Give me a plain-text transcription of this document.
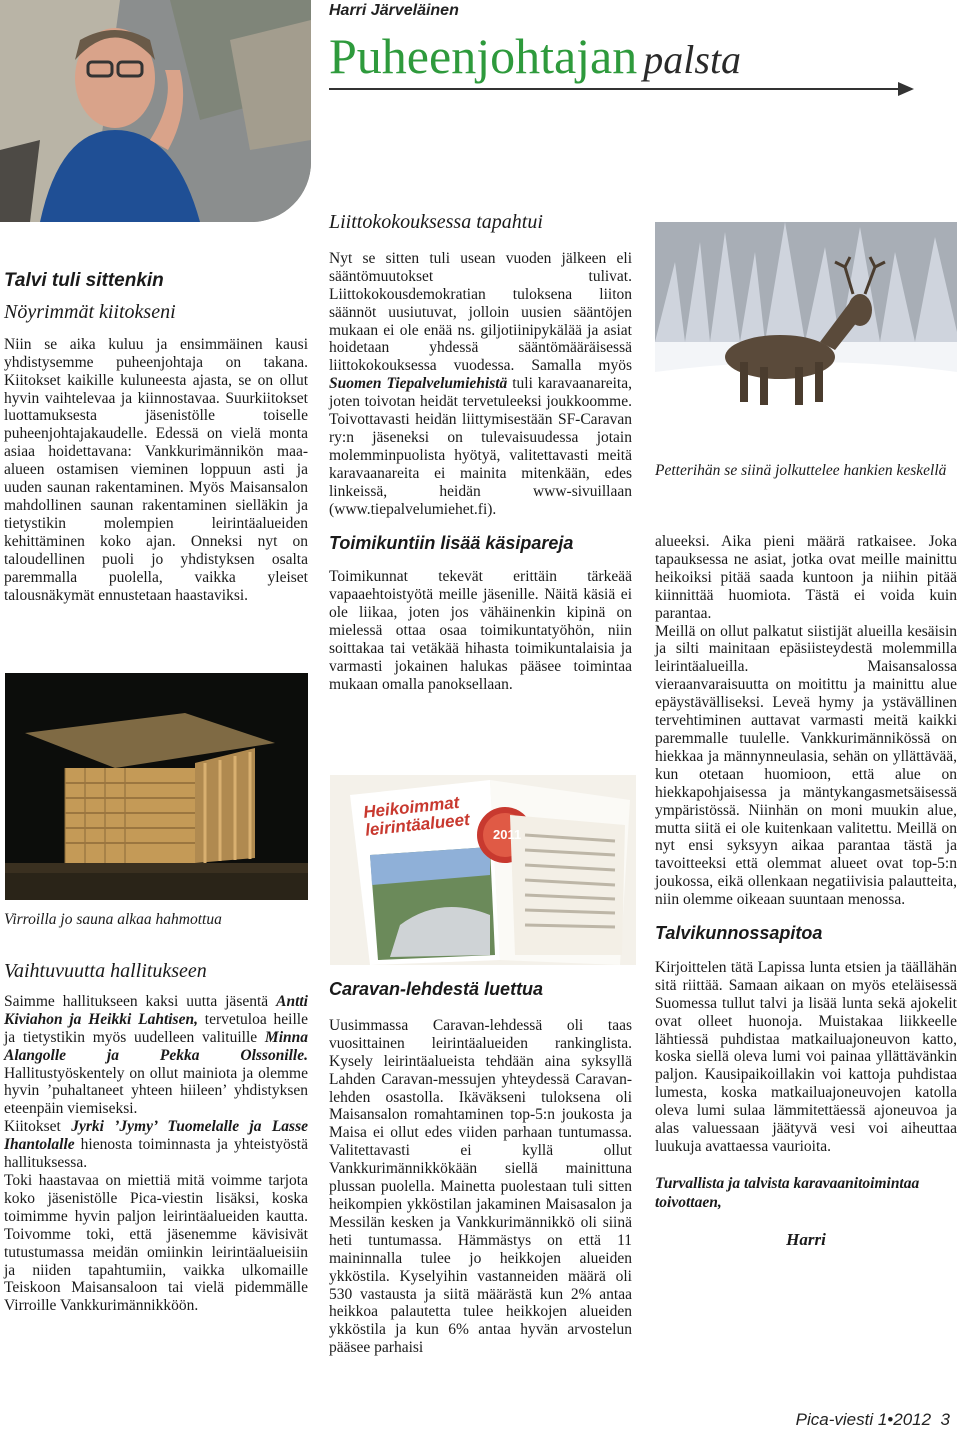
Harri Järveläinen
Puheenjohtajan palsta
Heikoimmat leirintäalueet	2011

Talvi tuli sittenkin

Nöyrimmät kiitokseni

Niin se aika kuluu ja ensimmäinen kausi yhdistysemme puheenjohtaja on takana. Kiitokset kaikille kuluneesta ajasta, se on ollut hyvin vaihtelevaa ja kiinnostavaa. Suurkiitokset luottamuksesta jäsenistölle toiselle puheenjohtajakaudelle. Edessä on vielä monta asiaa hoidettavana: Vankkurimännikön maa-alueen ostamisen vieminen loppuun asti ja uuden saunan rakentaminen. Myös Maisansalon mahdollinen saunan rakentaminen sielläkin ja tietystikin molempien leirintäalueiden kehittäminen koko ajan. Onneksi nyt on taloudellinen puoli jo yhdistyksen osalta paremmalla puolella, vaikka yleiset talousnäkymät ennustetaan haastaviksi.

Virroilla jo sauna alkaa hahmottua

Vaihtuvuutta hallitukseen

Saimme hallitukseen kaksi uutta jäsentä Antti Kiviahon ja Heikki Lahtisen, tervetuloa heille ja tietystikin myös uudelleen valituille Minna Alangolle ja Pekka Olssonille. Hallitustyöskentely on ollut mainiota ja olemme hyvin ’puhaltaneet yhteen hiileen’ yhdistyksen eteenpäin viemiseksi.

Kiitokset Jyrki ’Jymy’ Tuomelalle ja Lasse Ihantolalle hienosta toiminnasta ja yhteistyöstä hallituksessa.

Toki haastavaa on miettiä mitä voimme tarjota koko jäsenistölle Pica-viestin lisäksi, koska toimimme hyvin paljon leirintäalueiden kautta. Toivomme toki, että jäsenemme kävisivät tutustumassa meidän omiinkin leirintäalueisiin ja niiden tapahtumiin, vaikka ulkomaille Teiskoon Maisansaloon tai vielä pidemmälle Virroille Vankkurimännikköön.

Liittokokouksessa tapahtui

Nyt se sitten tuli usean vuoden jälkeen eli sääntömuutokset tulivat. Liittokokousdemokratian tuloksena liiton säännöt uusiutuvat, jolloin uusien sääntöjen mukaan ei ole enää ns. giljotiinipykälää ja asiat hoidetaan yhdessä sääntömääräisessä liittokokouksessa vuodessa. Samalla myös Suomen Tiepalvelumiehistä tuli karavaanareita, joten toivotan heidät tervetuleeksi joukkoomme. Toivottavasti heidän liittymisestään SF-Caravan ry:n jäseneksi on tulevaisuudessa jotain molemminpuolista hyötyä, valitettavasti meitä karavaanareita ei mainita mitenkään, edes linkeissä, heidän www-sivuillaan (www.tiepalvelumiehet.fi).

Toimikuntiin lisää käsipareja

Toimikunnat tekevät erittäin tärkeää vapaaehtoistyötä meille jäsenille. Näitä käsiä ei ole liikaa, joten jos vähäinenkin kipinä on mielessä ottaa osaa toimikuntatyöhön, niin soittakaa tai vetäkää hihasta toimikuntalaisia ja varmasti jokainen halukas pääsee toimintaa mukaan omalla panoksellaan.

Caravan-lehdestä luettua

Uusimmassa Caravan-lehdessä oli taas vuosittainen leirintäalueiden rankinglista. Kysely leirintäalueista tehdään aina syksyllä Lahden Caravan-messujen yhteydessä Caravan-lehden osastolla. Ikäväkseni tuloksena oli Maisansalon romahtaminen top-5:n joukosta ja Maisa ei ollut edes viiden parhaan tuntumassa. Valitettavasti ei kyllä ollut Vankkurimännikkökään siellä mainittuna plussan puolella. Mainetta puolestaan tuli sitten heikompien ykköstilan jakaminen Maisasalon ja Messilän kesken ja Vankkurimännikkö oli siinä heti tuntumassa. Hämmästys on että 11 maininnalla tulee jo heikkojen alueiden ykköstila. Kyselyihin vastanneiden määrä oli 530 vastausta ja siitä määrästä kun 2% antaa heikkoa palautetta tulee heikkojen alueiden ykköstila ja kun 6% antaa hyvän arvostelun pääsee parhaisi

Petterihän se siinä jolkuttelee hankien keskellä

alueeksi. Aika pieni määrä ratkaisee. Joka tapauksessa ne asiat, jotka ovat meille mainittu heikoiksi pitää saada kuntoon ja niihin pitää kiinnittää huomiota. Tästä ei voida kuin parantaa.

Meillä on ollut palkatut siistijät alueilla kesäisin ja silti mainitaan epäsiisteydestä molemmilla leirintäalueilla. Maisansalossa vieraanvaraisuutta on moitittu ja mainittu alue epäystävälliseksi. Leveä hymy ja ystävällinen tervehtiminen auttavat varmasti meitä kaikki paremmalle tuulelle. Vankkurimännikössä on hiekkaa ja männynneulasia, sehän on yllättävää, kun otetaan huomioon, että alue on hiekkapohjaisessa ja mäntykangasmetsäisessä ympäristössä. Niinhän on moni muukin alue, mutta siitä ei ole kuitenkaan valitettu. Meillä on nyt ensi syksyyn aikaa parantaa tästä ja tavoitteeksi että olemmat alueet ovat top-5:n joukossa, eikä ollenkaan negatiivisia palautteita, niin olemme oikeaan suuntaan menossa.

Talvikunnossapitoa

Kirjoittelen tätä Lapissa lunta etsien ja täällähän sitä riittää. Samaan aikaan on myös eteläisessä Suomessa tullut talvi ja lisää lunta sekä ajokelit ovat olleet huonoja. Muistakaa liikkeelle lähtiessä puhdistaa matkailuajoneuvon katto, koska siellä oleva lumi voi painaa yllättävänkin paljon. Kausipaikoillakin voi kattoja puhdistaa lumesta, koska matkailuajoneuvojen katolla oleva lumi sulaa lämmitettäessä ajoneuvoa ja alas valuessaan jäätyvä vesi voi aiheuttaa luukuja avattaessa vaurioita.

Turvallista ja talvista karavaanitoimintaa toivottaen,

Harri

Pica-viesti 1•2012 3
